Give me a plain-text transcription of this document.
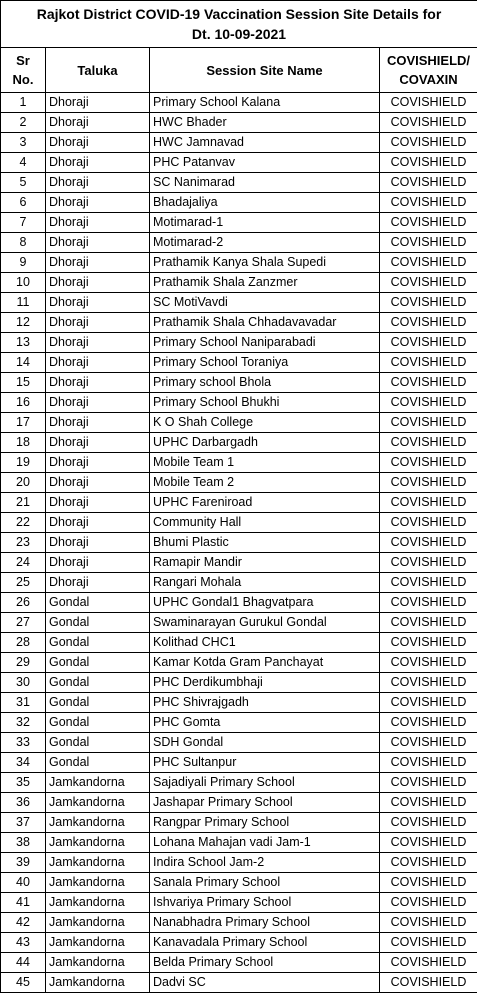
Rajkot District COVID-19 Vaccination Session Site Details for
Dt. 10-09-2021			
Sr
No.	Taluka	Session Site Name	COVISHIELD/
COVAXIN
1	Dhoraji	Primary School Kalana	COVISHIELD
2	Dhoraji	HWC Bhader	COVISHIELD
3	Dhoraji	HWC Jamnavad	COVISHIELD
4	Dhoraji	PHC Patanvav	COVISHIELD
5	Dhoraji	SC Nanimarad	COVISHIELD
6	Dhoraji	Bhadajaliya	COVISHIELD
7	Dhoraji	Motimarad-1	COVISHIELD
8	Dhoraji	Motimarad-2	COVISHIELD
9	Dhoraji	Prathamik Kanya Shala Supedi	COVISHIELD
10	Dhoraji	Prathamik Shala Zanzmer	COVISHIELD
11	Dhoraji	SC MotiVavdi	COVISHIELD
12	Dhoraji	Prathamik Shala Chhadavavadar	COVISHIELD
13	Dhoraji	Primary School Naniparabadi	COVISHIELD
14	Dhoraji	Primary School Toraniya	COVISHIELD
15	Dhoraji	Primary school Bhola	COVISHIELD
16	Dhoraji	Primary School Bhukhi	COVISHIELD
17	Dhoraji	K O Shah College	COVISHIELD
18	Dhoraji	UPHC Darbargadh	COVISHIELD
19	Dhoraji	Mobile Team 1	COVISHIELD
20	Dhoraji	Mobile Team 2	COVISHIELD
21	Dhoraji	UPHC Fareniroad	COVISHIELD
22	Dhoraji	Community Hall	COVISHIELD
23	Dhoraji	Bhumi Plastic	COVISHIELD
24	Dhoraji	Ramapir Mandir	COVISHIELD
25	Dhoraji	Rangari Mohala	COVISHIELD
26	Gondal	UPHC Gondal1 Bhagvatpara	COVISHIELD
27	Gondal	Swaminarayan Gurukul Gondal	COVISHIELD
28	Gondal	Kolithad CHC1	COVISHIELD
29	Gondal	Kamar Kotda Gram Panchayat	COVISHIELD
30	Gondal	PHC Derdikumbhaji	COVISHIELD
31	Gondal	PHC Shivrajgadh	COVISHIELD
32	Gondal	PHC Gomta	COVISHIELD
33	Gondal	SDH Gondal	COVISHIELD
34	Gondal	PHC Sultanpur	COVISHIELD
35	Jamkandorna	Sajadiyali Primary School	COVISHIELD
36	Jamkandorna	Jashapar Primary School	COVISHIELD
37	Jamkandorna	Rangpar Primary School	COVISHIELD
38	Jamkandorna	Lohana Mahajan vadi Jam-1	COVISHIELD
39	Jamkandorna	Indira School Jam-2	COVISHIELD
40	Jamkandorna	Sanala Primary School	COVISHIELD
41	Jamkandorna	Ishvariya Primary School	COVISHIELD
42	Jamkandorna	Nanabhadra Primary School	COVISHIELD
43	Jamkandorna	Kanavadala Primary School	COVISHIELD
44	Jamkandorna	Belda Primary School	COVISHIELD
45	Jamkandorna	Dadvi SC	COVISHIELD
